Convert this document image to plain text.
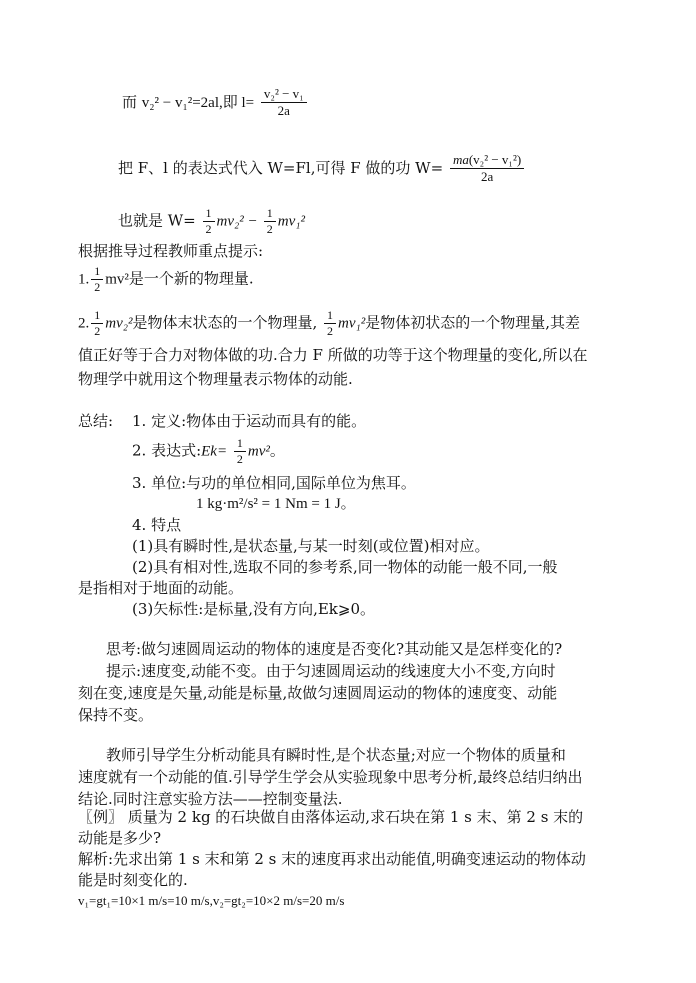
而 v₂² − v₁²=2al,即 $l= \frac{\text{v₂² − v₁}}{2a}$
把 F、l 的表达式代入 W=Fl,可得 F 做的功 $W= \frac{\text{ma(v₂² − v₁²)}}{2a}$
也就是 $W= \frac{1}{2} mv_2^2 - \frac{1}{2} mv_1^2$
根据推导过程教师重点提示:
1. $\frac{1}{2} mv^2$是一个新的物理量.
2. $\frac{1}{2} mv_2^2$是物体末状态的一个物理量, $\frac{1}{2} mv_1^2$是物体初状态的一个物理量,其差
值正好等于合力对物体做的功.合力 F 所做的功等于这个物理量的变化,所以在
物理学中就用这个物理量表示物体的动能.
总结: 1. 定义:物体由于运动而具有的能。
2. 表达式:Ek= $\frac{1}{2} mv^2$。
3. 单位:与功的单位相同,国际单位为焦耳。
1 kg·m²/s² = 1 Nm = 1 J。
4. 特点
(1)具有瞬时性,是状态量,与某一时刻(或位置)相对应。
(2)具有相对性,选取不同的参考系,同一物体的动能一般不同,一般
是指相对于地面的动能。
(3)矢标性:是标量,没有方向,Ek⩾0。
思考:做匀速圆周运动的物体的速度是否变化?其动能又是怎样变化的?
提示:速度变,动能不变。由于匀速圆周运动的线速度大小不变,方向时
刻在变,速度是矢量,动能是标量,故做匀速圆周运动的物体的速度变、动能
保持不变。
教师引导学生分析动能具有瞬时性,是个状态量;对应一个物体的质量和
速度就有一个动能的值.引导学生学会从实验现象中思考分析,最终总结归纳出
结论.同时注意实验方法——控制变量法.
〖例〗 质量为 2 kg 的石块做自由落体运动,求石块在第 1 s 末、第 2 s 末的
动能是多少?
解析:先求出第 1 s 末和第 2 s 末的速度再求出动能值,明确变速运动的物体动
能是时刻变化的.
v₁=gt₁=10×1 m/s=10 m/s,v₂=gt₂=10×2 m/s=20 m/s
